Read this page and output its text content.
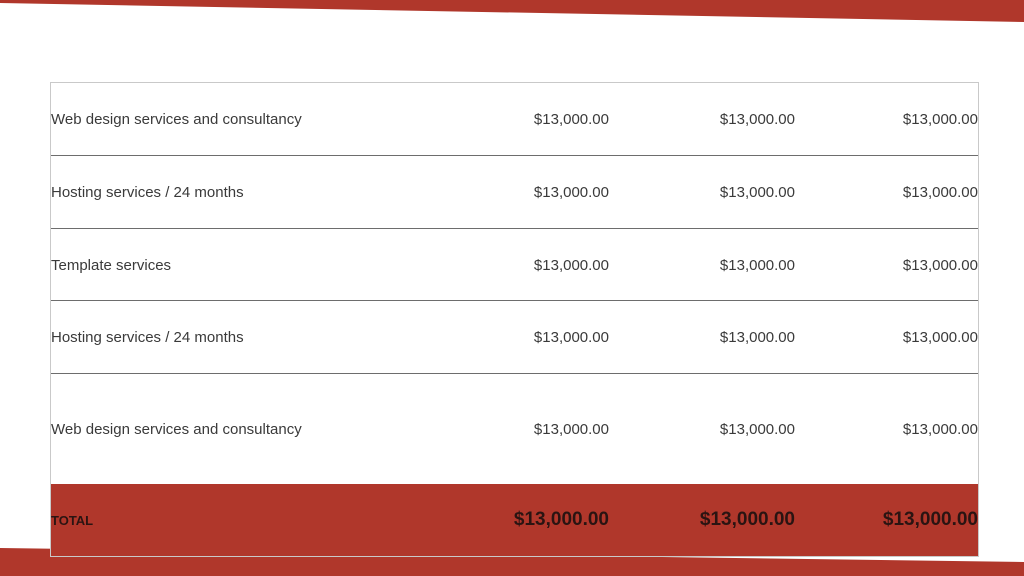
Web design services and consultancy	$13,000.00	$13,000.00	$13,000.00
Hosting services / 24 months	$13,000.00	$13,000.00	$13,000.00
Template services	$13,000.00	$13,000.00	$13,000.00
Hosting services / 24 months	$13,000.00	$13,000.00	$13,000.00
Web design services and consultancy	$13,000.00	$13,000.00	$13,000.00
TOTAL	$13,000.00	$13,000.00	$13,000.00
